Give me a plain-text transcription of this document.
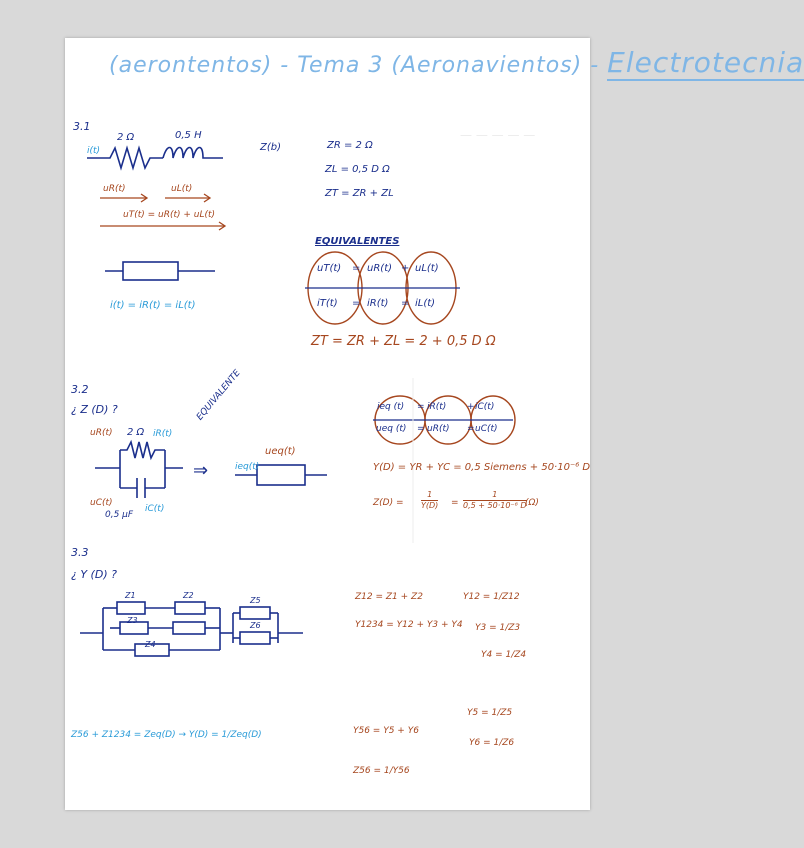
(aerontentos) - Tema 3 (Aeronavientos) - Electrotecnia
— — — — —
3.1
2 Ω	0,5 H
i(t)
uR(t)	uL(t)
uT(t) = uR(t) + uL(t)
i(t) = iR(t) = iL(t)
Z(b)	ZR = 2 Ω
ZL = 0,5 D Ω
ZT = ZR + ZL
EQUIVALENTES
uT(t) = uR(t) + uL(t)
iT(t) = iR(t) = iL(t)
ZT = ZR + ZL = 2 + 0,5 D Ω
3.2
¿ Z (D) ?
uR(t) 2 Ω iR(t)
uC(t)
iC(t)
0,5 μF
⇒
EQUIVALENTE
ueq(t)
ieq(t)
ieq (t) = iR(t) + iC(t)
ueq (t) = uR(t) = uC(t)
Y(D) = YR + YC = 0,5 Siemens + 50·10⁻⁶ D
Z(D) =
1
Y(D) =
1
0,5 + 50·10⁻⁶ D
(Ω)
3.3
¿ Y (D) ?
Z1	Z2
Z3
Z4
Z5
Z6
Z12 = Z1 + Z2	Y12 = 1/Z12
Y1234 = Y12 + Y3 + Y4 Y3 = 1/Z3
Y4 = 1/Z4
Y5 = 1/Z5
Y6 = 1/Z6
Y56 = Y5 + Y6
Z56 = 1/Y56
Z56 + Z1234 = Zeq(D) → Y(D) = 1/Zeq(D)
